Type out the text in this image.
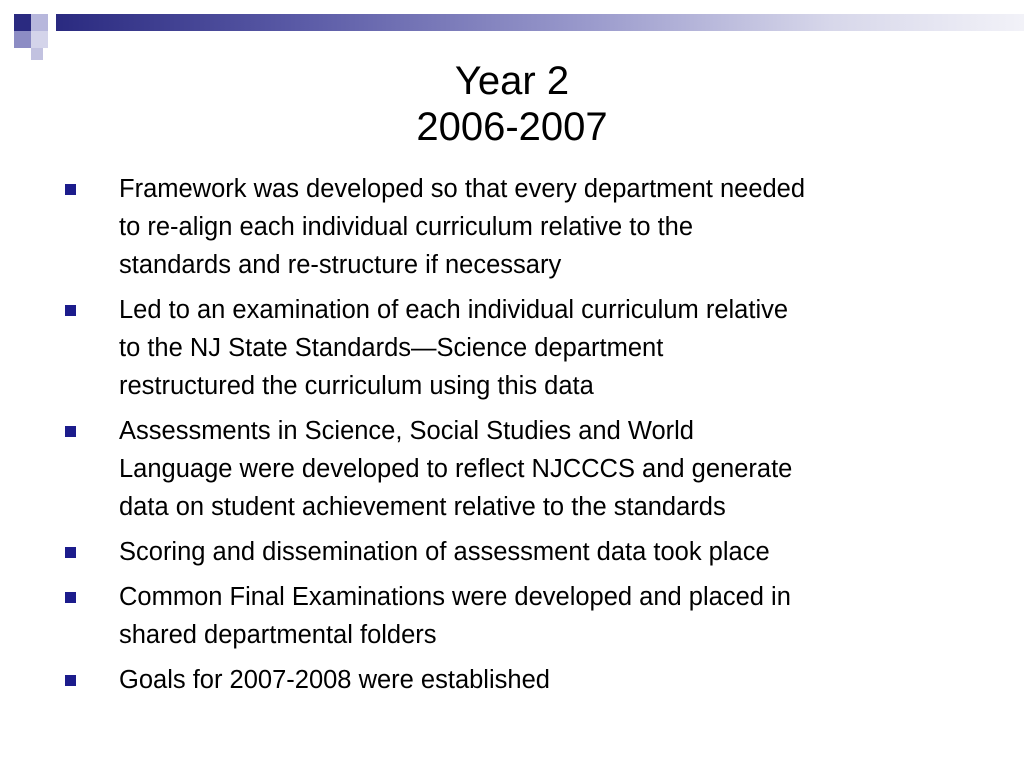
Year 2
2006-2007
Framework was developed so that every department needed
to re-align each individual curriculum relative to the
standards and re-structure if necessary
Led to an examination of each individual curriculum relative
to the NJ State Standards—Science department
restructured the curriculum using this data
Assessments in Science, Social Studies and World
Language were developed to reflect NJCCCS and generate
data on student achievement relative to the standards
Scoring and dissemination of assessment data took place
Common Final Examinations were developed and placed in
shared departmental folders
Goals for 2007-2008 were established
